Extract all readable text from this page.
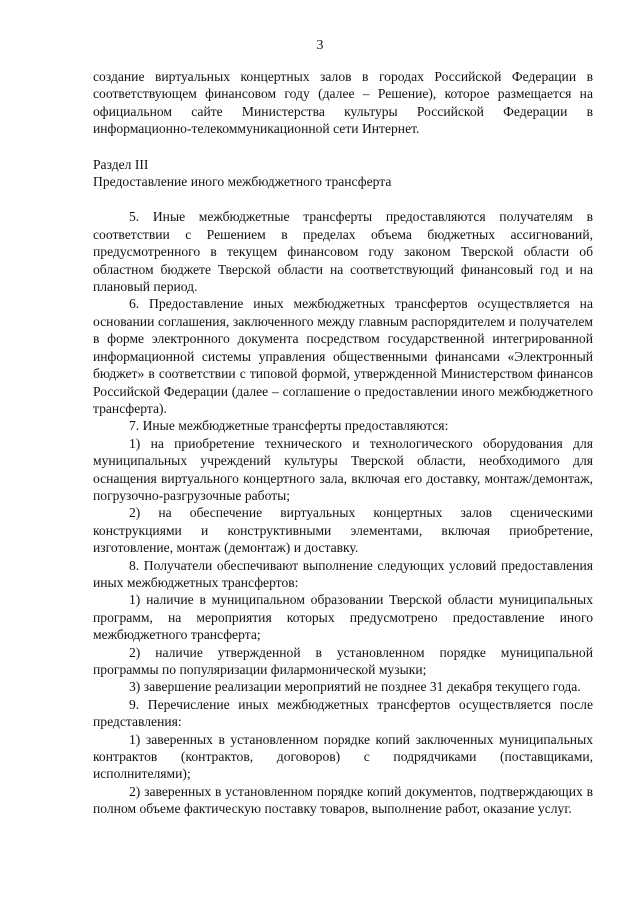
3

создание виртуальных концертных залов в городах Российской Федерации в соответствующем финансовом году (далее – Решение), которое размещается на официальном сайте Министерства культуры Российской Федерации в информационно-телекоммуникационной сети Интернет.

Раздел III

Предоставление иного межбюджетного трансферта

5. Иные межбюджетные трансферты предоставляются получателям в соответствии с Решением в пределах объема бюджетных ассигнований, предусмотренного в текущем финансовом году законом Тверской области об областном бюджете Тверской области на соответствующий финансовый год и на плановый период.

6. Предоставление иных межбюджетных трансфертов осуществляется на основании соглашения, заключенного между главным распорядителем и получателем в форме электронного документа посредством государственной интегрированной информационной системы управления общественными финансами «Электронный бюджет» в соответствии с типовой формой, утвержденной Министерством финансов Российской Федерации (далее – соглашение о предоставлении иного межбюджетного трансферта).

7. Иные межбюджетные трансферты предоставляются:

1) на приобретение технического и технологического оборудования для муниципальных учреждений культуры Тверской области, необходимого для оснащения виртуального концертного зала, включая его доставку, монтаж/демонтаж, погрузочно-разгрузочные работы;

2) на обеспечение виртуальных концертных залов сценическими конструкциями и конструктивными элементами, включая приобретение, изготовление, монтаж (демонтаж) и доставку.

8. Получатели обеспечивают выполнение следующих условий предоставления иных межбюджетных трансфертов:

1) наличие в муниципальном образовании Тверской области муниципальных программ, на мероприятия которых предусмотрено предоставление иного межбюджетного трансферта;

2) наличие утвержденной в установленном порядке муниципальной программы по популяризации филармонической музыки;

3) завершение реализации мероприятий не позднее 31 декабря текущего года.

9. Перечисление иных межбюджетных трансфертов осуществляется после представления:

1) заверенных в установленном порядке копий заключенных муниципальных контрактов (контрактов, договоров) с подрядчиками (поставщиками, исполнителями);

2) заверенных в установленном порядке копий документов, подтверждающих в полном объеме фактическую поставку товаров, выполнение работ, оказание услуг.
